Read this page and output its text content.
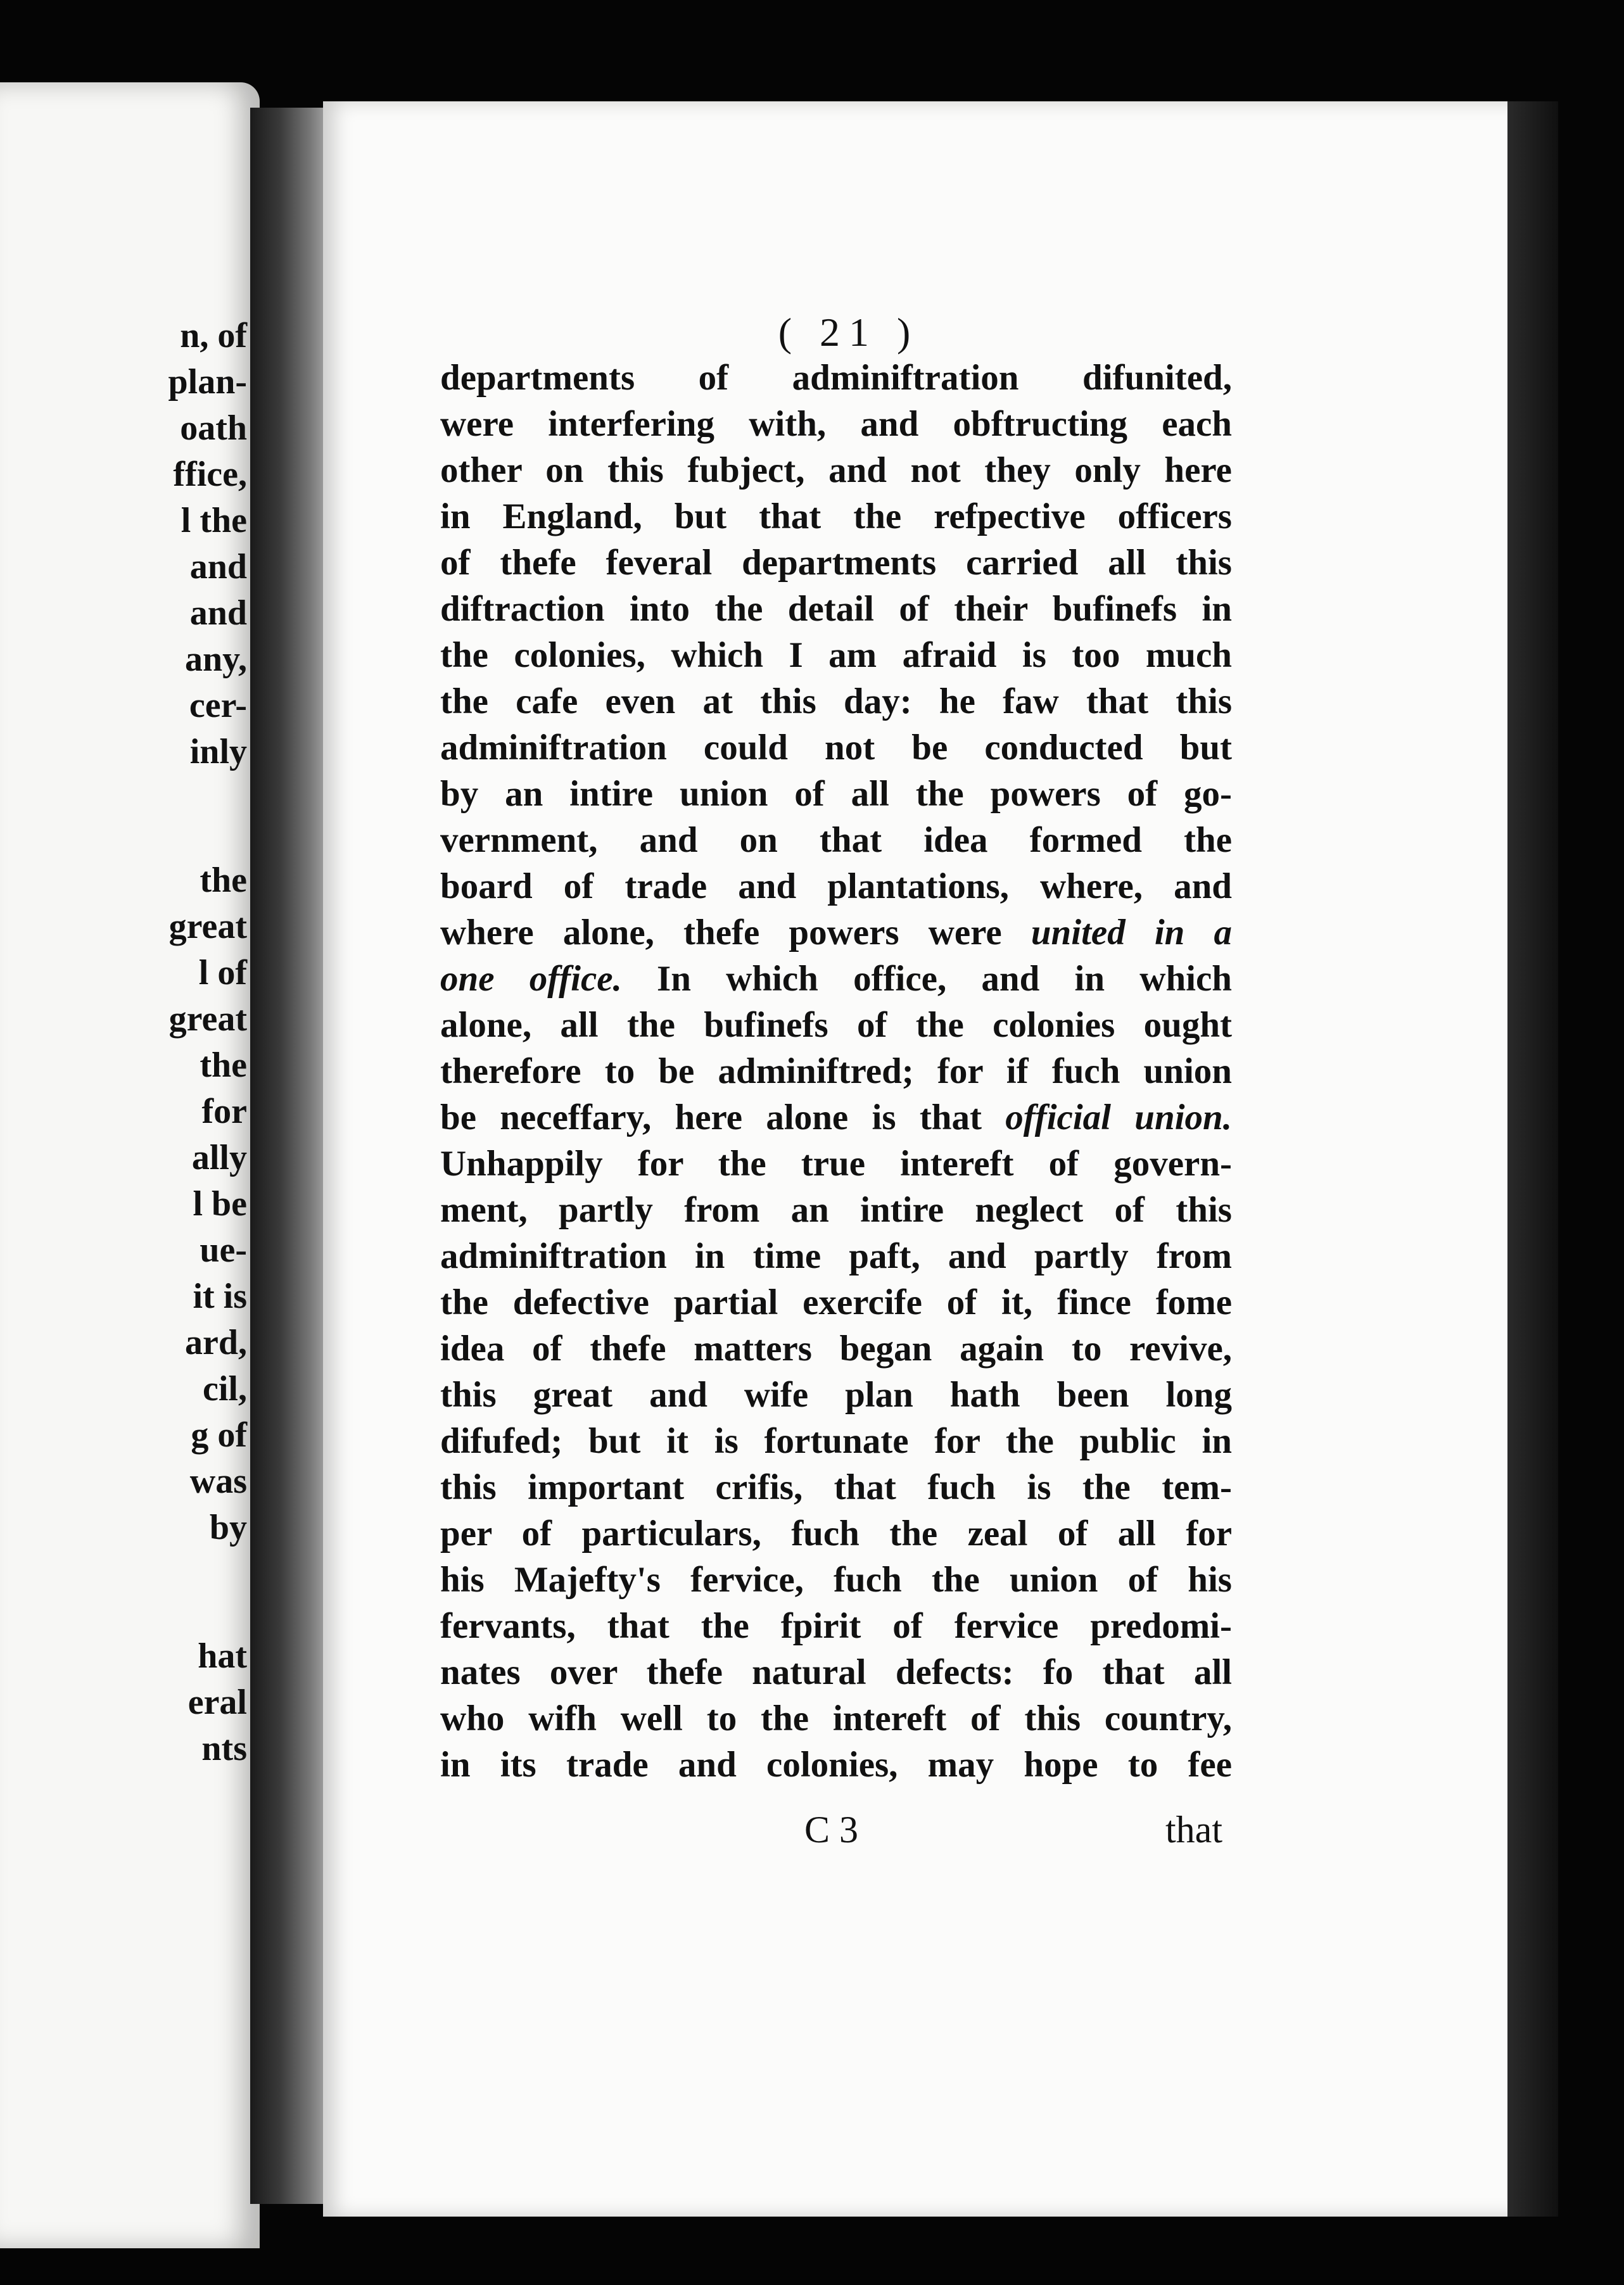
n, of
plan-
oath
ffice,
l the
and
and
any,
cer-
inly
the
great
l of
great
the
for
ally
l be
ue-
it is
ard,
cil,
g of
was
by
hat
eral
nts
( 21 )
departments of adminiftration difunited,
were interfering with, and obftructing each
other on this fubject, and not they only here
in England, but that the refpective officers
of thefe feveral departments carried all this
diftraction into the detail of their bufinefs in
the colonies, which I am afraid is too much
the cafe even at this day: he faw that this
adminiftration could not be conducted but
by an intire union of all the powers of go-
vernment, and on that idea formed the
board of trade and plantations, where, and
where alone, thefe powers were united in a
one office. In which office, and in which
alone, all the bufinefs of the colonies ought
therefore to be adminiftred; for if fuch union
be neceffary, here alone is that official union.
Unhappily for the true intereft of govern-
ment, partly from an intire neglect of this
adminiftration in time paft, and partly from
the defective partial exercife of it, fince fome
idea of thefe matters began again to revive,
this great and wife plan hath been long
difufed; but it is fortunate for the public in
this important crifis, that fuch is the tem-
per of particulars, fuch the zeal of all for
his Majefty's fervice, fuch the union of his
fervants, that the fpirit of fervice predomi-
nates over thefe natural defects: fo that all
who wifh well to the intereft of this country,
in its trade and colonies, may hope to fee
C 3	that
